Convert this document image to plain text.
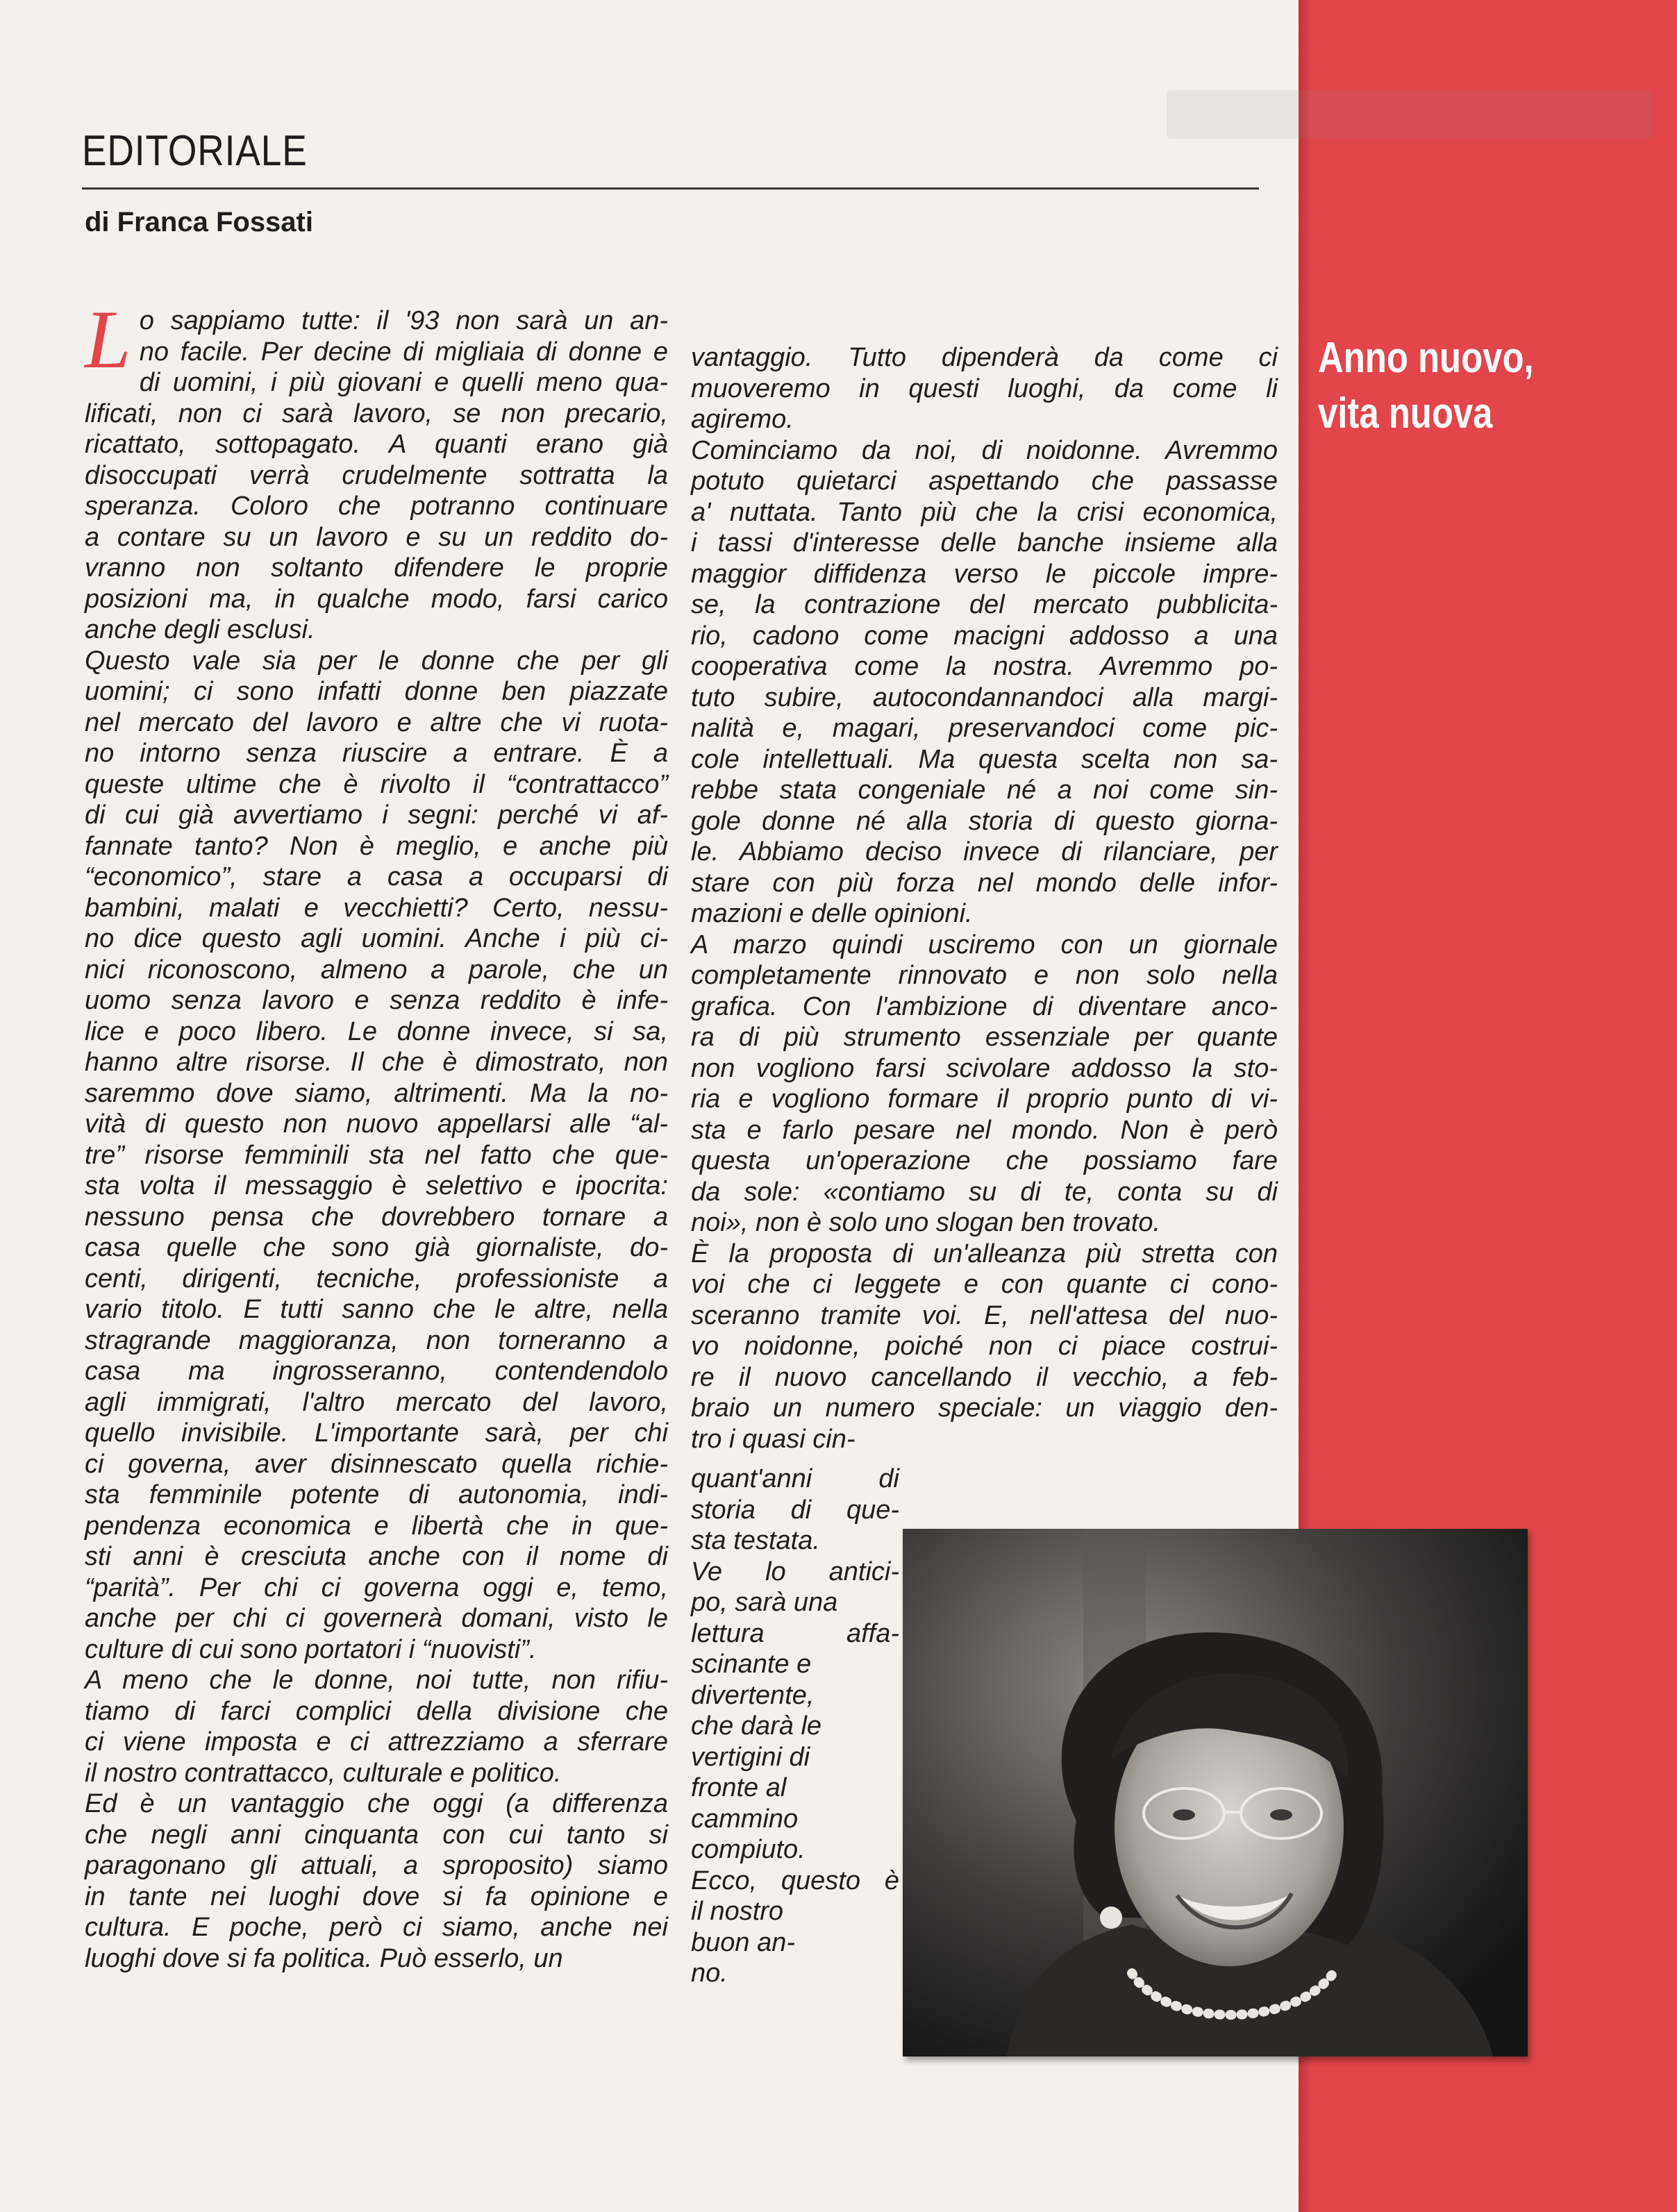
EDITORIALE
di Franca Fossati
Anno nuovo,
vita nuova
L o sappiamo tutte: il '93 non sarà un an-
no facile. Per decine di migliaia di donne e
di uomini, i più giovani e quelli meno qua-
lificati, non ci sarà lavoro, se non precario,
ricattato, sottopagato. A quanti erano già
disoccupati verrà crudelmente sottratta la
speranza. Coloro che potranno continuare
a contare su un lavoro e su un reddito do-
vranno non soltanto difendere le proprie
posizioni ma, in qualche modo, farsi carico
anche degli esclusi.
Questo vale sia per le donne che per gli
uomini; ci sono infatti donne ben piazzate
nel mercato del lavoro e altre che vi ruota-
no intorno senza riuscire a entrare. È a
queste ultime che è rivolto il “contrattacco”
di cui già avvertiamo i segni: perché vi af-
fannate tanto? Non è meglio, e anche più
“economico”, stare a casa a occuparsi di
bambini, malati e vecchietti? Certo, nessu-
no dice questo agli uomini. Anche i più ci-
nici riconoscono, almeno a parole, che un
uomo senza lavoro e senza reddito è infe-
lice e poco libero. Le donne invece, si sa,
hanno altre risorse. Il che è dimostrato, non
saremmo dove siamo, altrimenti. Ma la no-
vità di questo non nuovo appellarsi alle “al-
tre” risorse femminili sta nel fatto che que-
sta volta il messaggio è selettivo e ipocrita:
nessuno pensa che dovrebbero tornare a
casa quelle che sono già giornaliste, do-
centi, dirigenti, tecniche, professioniste a
vario titolo. E tutti sanno che le altre, nella
stragrande maggioranza, non torneranno a
casa ma ingrosseranno, contendendolo
agli immigrati, l'altro mercato del lavoro,
quello invisibile. L'importante sarà, per chi
ci governa, aver disinnescato quella richie-
sta femminile potente di autonomia, indi-
pendenza economica e libertà che in que-
sti anni è cresciuta anche con il nome di
“parità”. Per chi ci governa oggi e, temo,
anche per chi ci governerà domani, visto le
culture di cui sono portatori i “nuovisti”.
A meno che le donne, noi tutte, non rifiu-
tiamo di farci complici della divisione che
ci viene imposta e ci attrezziamo a sferrare
il nostro contrattacco, culturale e politico.
Ed è un vantaggio che oggi (a differenza
che negli anni cinquanta con cui tanto si
paragonano gli attuali, a sproposito) siamo
in tante nei luoghi dove si fa opinione e
cultura. E poche, però ci siamo, anche nei
luoghi dove si fa politica. Può esserlo, un
vantaggio. Tutto dipenderà da come ci
muoveremo in questi luoghi, da come li
agiremo.
Cominciamo da noi, di noidonne. Avremmo
potuto quietarci aspettando che passasse
a' nuttata. Tanto più che la crisi economica,
i tassi d'interesse delle banche insieme alla
maggior diffidenza verso le piccole impre-
se, la contrazione del mercato pubblicita-
rio, cadono come macigni addosso a una
cooperativa come la nostra. Avremmo po-
tuto subire, autocondannandoci alla margi-
nalità e, magari, preservandoci come pic-
cole intellettuali. Ma questa scelta non sa-
rebbe stata congeniale né a noi come sin-
gole donne né alla storia di questo giorna-
le. Abbiamo deciso invece di rilanciare, per
stare con più forza nel mondo delle infor-
mazioni e delle opinioni.
A marzo quindi usciremo con un giornale
completamente rinnovato e non solo nella
grafica. Con l'ambizione di diventare anco-
ra di più strumento essenziale per quante
non vogliono farsi scivolare addosso la sto-
ria e vogliono formare il proprio punto di vi-
sta e farlo pesare nel mondo. Non è però
questa un'operazione che possiamo fare
da sole: «contiamo su di te, conta su di
noi», non è solo uno slogan ben trovato.
È la proposta di un'alleanza più stretta con
voi che ci leggete e con quante ci cono-
sceranno tramite voi. E, nell'attesa del nuo-
vo noidonne, poiché non ci piace costrui-
re il nuovo cancellando il vecchio, a feb-
braio un numero speciale: un viaggio den-
tro i quasi cin-
quant'anni di
storia di que-
sta testata.
Ve lo antici-
po, sarà una
lettura affa-
scinante e
divertente,
che darà le
vertigini di
fronte al
cammino
compiuto.
Ecco, questo è
il nostro
buon an-
no.
